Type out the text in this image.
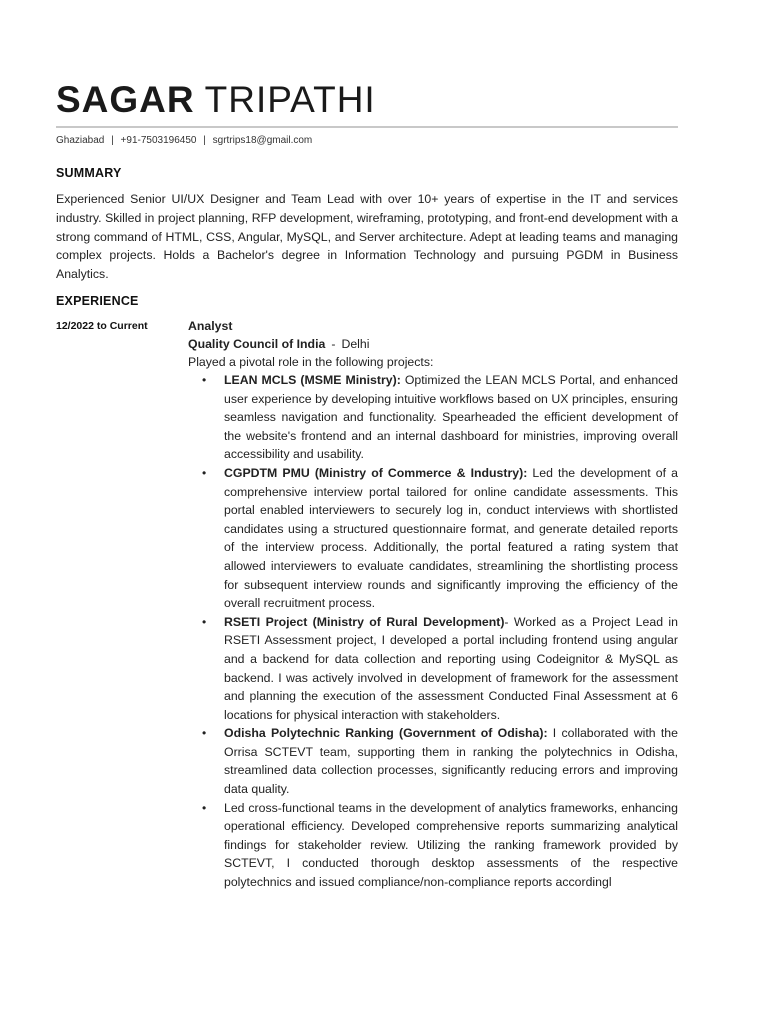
SAGAR TRIPATHI
Ghaziabad | +91-7503196450 | sgrtrips18@gmail.com
SUMMARY
Experienced Senior UI/UX Designer and Team Lead with over 10+ years of expertise in the IT and services industry. Skilled in project planning, RFP development, wireframing, prototyping, and front-end development with a strong command of HTML, CSS, Angular, MySQL, and Server architecture. Adept at leading teams and managing complex projects. Holds a Bachelor's degree in Information Technology and pursuing PGDM in Business Analytics.
EXPERIENCE
12/2022 to Current	Analyst
Quality Council of India - Delhi
Played a pivotal role in the following projects:
• LEAN MCLS (MSME Ministry): Optimized the LEAN MCLS Portal, and enhanced user experience by developing intuitive workflows based on UX principles, ensuring seamless navigation and functionality. Spearheaded the efficient development of the website's frontend and an internal dashboard for ministries, improving overall accessibility and usability.
• CGPDTM PMU (Ministry of Commerce & Industry): Led the development of a comprehensive interview portal tailored for online candidate assessments. This portal enabled interviewers to securely log in, conduct interviews with shortlisted candidates using a structured questionnaire format, and generate detailed reports of the interview process. Additionally, the portal featured a rating system that allowed interviewers to evaluate candidates, streamlining the shortlisting process for subsequent interview rounds and significantly improving the efficiency of the overall recruitment process.
• RSETI Project (Ministry of Rural Development)- Worked as a Project Lead in RSETI Assessment project, I developed a portal including frontend using angular and a backend for data collection and reporting using Codeignitor & MySQL as backend. I was actively involved in development of framework for the assessment and planning the execution of the assessment Conducted Final Assessment at 6 locations for physical interaction with stakeholders.
• Odisha Polytechnic Ranking (Government of Odisha): I collaborated with the Orrisa SCTEVT team, supporting them in ranking the polytechnics in Odisha, streamlined data collection processes, significantly reducing errors and improving data quality.
• Led cross-functional teams in the development of analytics frameworks, enhancing operational efficiency. Developed comprehensive reports summarizing analytical findings for stakeholder review. Utilizing the ranking framework provided by SCTEVT, I conducted thorough desktop assessments of the respective polytechnics and issued compliance/non-compliance reports accordingl
